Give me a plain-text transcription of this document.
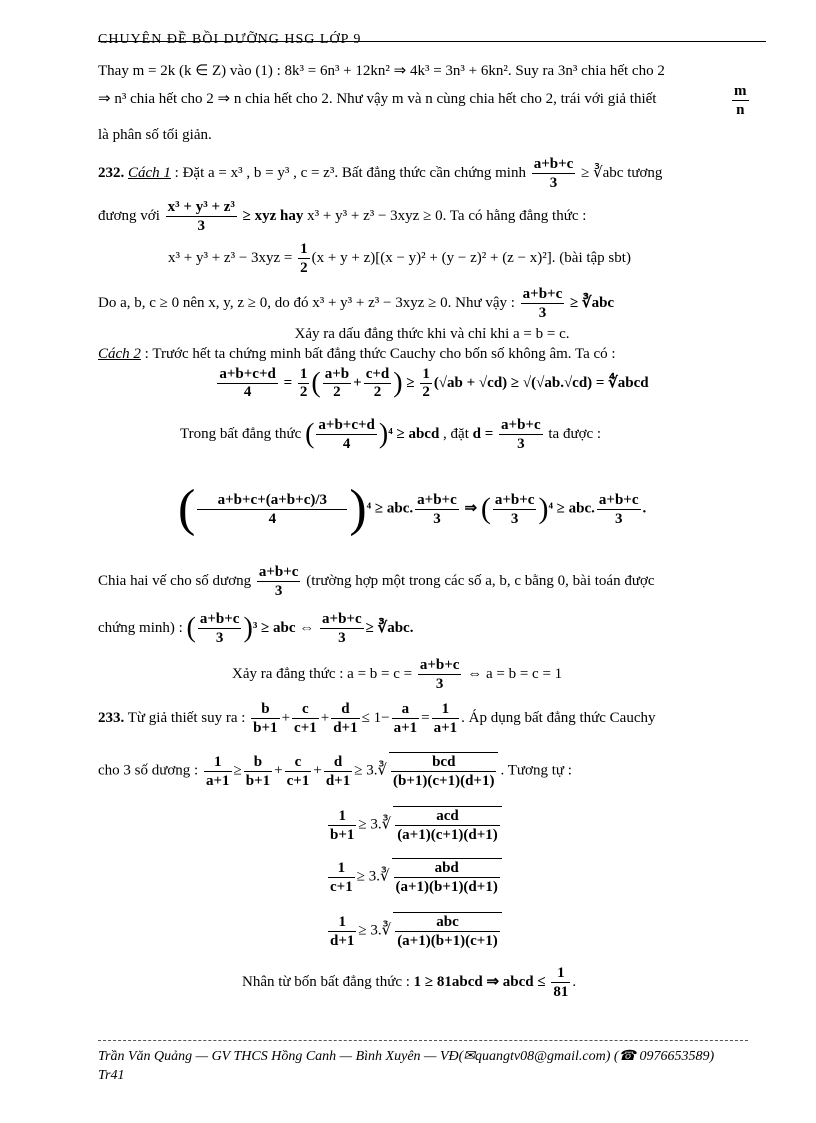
CHUYÊN ĐỀ BỒI DƯỠNG HSG LỚP 9
Thay m = 2k (k ∈ Z) vào (1) : 8k³ = 6n³ + 12kn² ⇒ 4k³ = 3n³ + 6kn². Suy ra 3n³ chia hết cho 2
⇒ n³ chia hết cho 2 ⇒ n chia hết cho 2. Như vậy m và n cùng chia hết cho 2, trái với giả thiết	$\frac{m}{n}$
là phân số tối giản.
232. Cách 1 : Đặt a = x³ , b = y³ , c = z³. Bất đẳng thức cần chứng minh $\frac{a+b+c}{3}$ ≥ ∛abc tương
đương với $\frac{\text{x³ + y³ + z³}}{3}$ ≥ xyz hay x³ + y³ + z³ − 3xyz ≥ 0. Ta có hằng đẳng thức :
$x^3 + y^3 + z^3 - 3xyz = \frac{1}{2} (x + y + z)[(x - y)^2 + (y - z)^2 + (z - x)^2]$. (bài tập sbt)
Do a, b, c ≥ 0 nên x, y, z ≥ 0, do đó x³ + y³ + z³ − 3xyz ≥ 0. Như vậy : $\frac{a+b+c}{3}$ ≥ ∛abc
Xảy ra dấu đẳng thức khi và chỉ khi a = b = c.
Cách 2 : Trước hết ta chứng minh bất đẳng thức Cauchy cho bốn số không âm. Ta có :
$\frac{a+b+c+d}{4} = \frac{1}{2}$ ( $\frac{a+b}{2} + \frac{c+d}{2}$ ) ≥ $\frac{1}{2} (√ab + √cd) \ge √(√ab.√cd)$ = ∜abcd
Trong bất đẳng thức ( $\frac{a+b+c+d}{4} )^4$ ≥ abcd , đặt $d = \frac{a+b+c}{3}$ ta được :
( $\frac{a+b+c+(a+b+c)/3}{4} )^4$ ≥ abc. $\frac{a+b+c}{3}$ ⇒ ( $\frac{a+b+c}{3} )^4$ ≥ abc. $\frac{a+b+c}{3}$ .
Chia hai vế cho số dương $\frac{a+b+c}{3}$ (trường hợp một trong các số a, b, c bằng 0, bài toán được
chứng minh) : ( $\frac{a+b+c}{3} )^3$ ≥ abc ⇔ $\frac{a+b+c}{3}$ ≥ ∛abc.
Xảy ra đẳng thức : $a = b = c = \frac{a+b+c}{3}$ ⇔ a = b = c = 1
233. Từ giả thiết suy ra : $\frac{b}{b+1} + \frac{c}{c+1} + \frac{d}{d+1} \le 1- \frac{a}{a+1} = \frac{1}{a+1}$ . Áp dụng bất đẳng thức Cauchy
cho 3 số dương : $\frac{1}{a+1} \ge \frac{b}{b+1} + \frac{c}{c+1} + \frac{d}{d+1}$ ≥ 3.∛ $\frac{\text{bcd}}{(b+1)(c+1)(d+1)}$ . Tương tự :
$\frac{1}{b+1}$ ≥ 3.∛ $\frac{\text{acd}}{(a+1)(c+1)(d+1)}$
$\frac{1}{c+1}$ ≥ 3.∛ $\frac{\text{abd}}{(a+1)(b+1)(d+1)}$
$\frac{1}{d+1}$ ≥ 3.∛ $\frac{\text{abc}}{(a+1)(b+1)(c+1)}$
Nhân từ bốn bất đẳng thức : 1 ≥ 81abcd ⇒ abcd ≤ $\frac{1}{81}$ .
Trần Văn Quảng — GV THCS Hồng Canh — Bình Xuyên — VĐ(✉quangtv08@gmail.com) (☎ 0976653589)
Tr41
